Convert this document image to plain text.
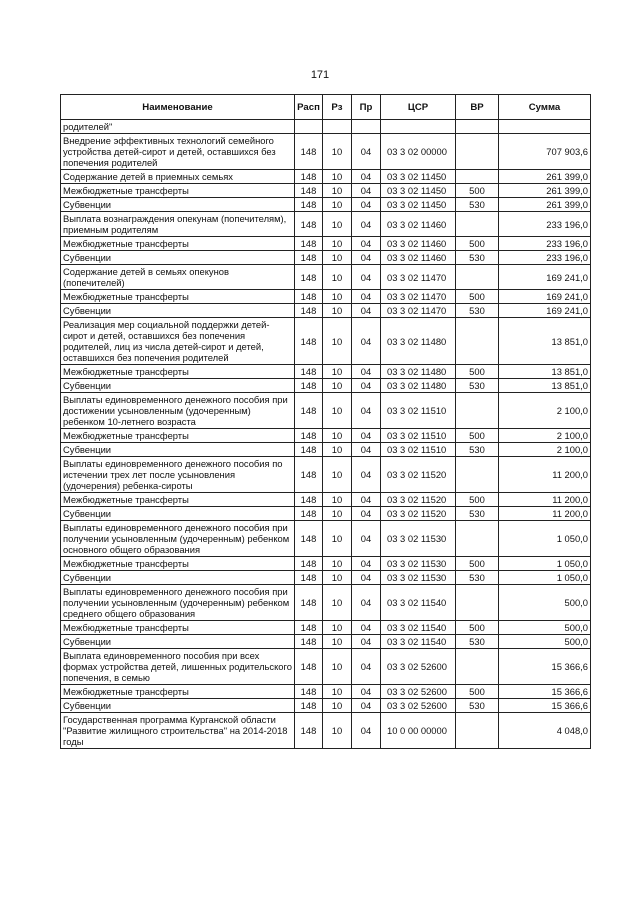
171
Наименование	Расп	Рз	Пр	ЦСР	ВР	Сумма
родителей"						
Внедрение эффективных технологий семейного устройства детей-сирот и детей, оставшихся без попечения родителей	148	10	04	03 3 02 00000		707 903,6
Содержание детей в приемных семьях	148	10	04	03 3 02 11450		261 399,0
Межбюджетные трансферты	148	10	04	03 3 02 11450	500	261 399,0
Субвенции	148	10	04	03 3 02 11450	530	261 399,0
Выплата вознаграждения опекунам (попечителям), приемным родителям	148	10	04	03 3 02 11460		233 196,0
Межбюджетные трансферты	148	10	04	03 3 02 11460	500	233 196,0
Субвенции	148	10	04	03 3 02 11460	530	233 196,0
Содержание детей в семьях опекунов (попечителей)	148	10	04	03 3 02 11470		169 241,0
Межбюджетные трансферты	148	10	04	03 3 02 11470	500	169 241,0
Субвенции	148	10	04	03 3 02 11470	530	169 241,0
Реализация мер социальной поддержки детей-сирот и детей, оставшихся без попечения родителей, лиц из числа детей-сирот и детей, оставшихся без попечения родителей	148	10	04	03 3 02 11480		13 851,0
Межбюджетные трансферты	148	10	04	03 3 02 11480	500	13 851,0
Субвенции	148	10	04	03 3 02 11480	530	13 851,0
Выплаты единовременного денежного пособия при достижении усыновленным (удочеренным) ребенком 10-летнего возраста	148	10	04	03 3 02 11510		2 100,0
Межбюджетные трансферты	148	10	04	03 3 02 11510	500	2 100,0
Субвенции	148	10	04	03 3 02 11510	530	2 100,0
Выплаты единовременного денежного пособия по истечении трех лет после усыновления (удочерения) ребенка-сироты	148	10	04	03 3 02 11520		11 200,0
Межбюджетные трансферты	148	10	04	03 3 02 11520	500	11 200,0
Субвенции	148	10	04	03 3 02 11520	530	11 200,0
Выплаты единовременного денежного пособия при получении усыновленным (удочеренным) ребенком основного общего образования	148	10	04	03 3 02 11530		1 050,0
Межбюджетные трансферты	148	10	04	03 3 02 11530	500	1 050,0
Субвенции	148	10	04	03 3 02 11530	530	1 050,0
Выплаты единовременного денежного пособия при получении усыновленным (удочеренным) ребенком среднего общего образования	148	10	04	03 3 02 11540		500,0
Межбюджетные трансферты	148	10	04	03 3 02 11540	500	500,0
Субвенции	148	10	04	03 3 02 11540	530	500,0
Выплата единовременного пособия при всех формах устройства детей, лишенных родительского попечения, в семью	148	10	04	03 3 02 52600		15 366,6
Межбюджетные трансферты	148	10	04	03 3 02 52600	500	15 366,6
Субвенции	148	10	04	03 3 02 52600	530	15 366,6
Государственная программа Курганской области "Развитие жилищного строительства" на 2014-2018 годы	148	10	04	10 0 00 00000		4 048,0
